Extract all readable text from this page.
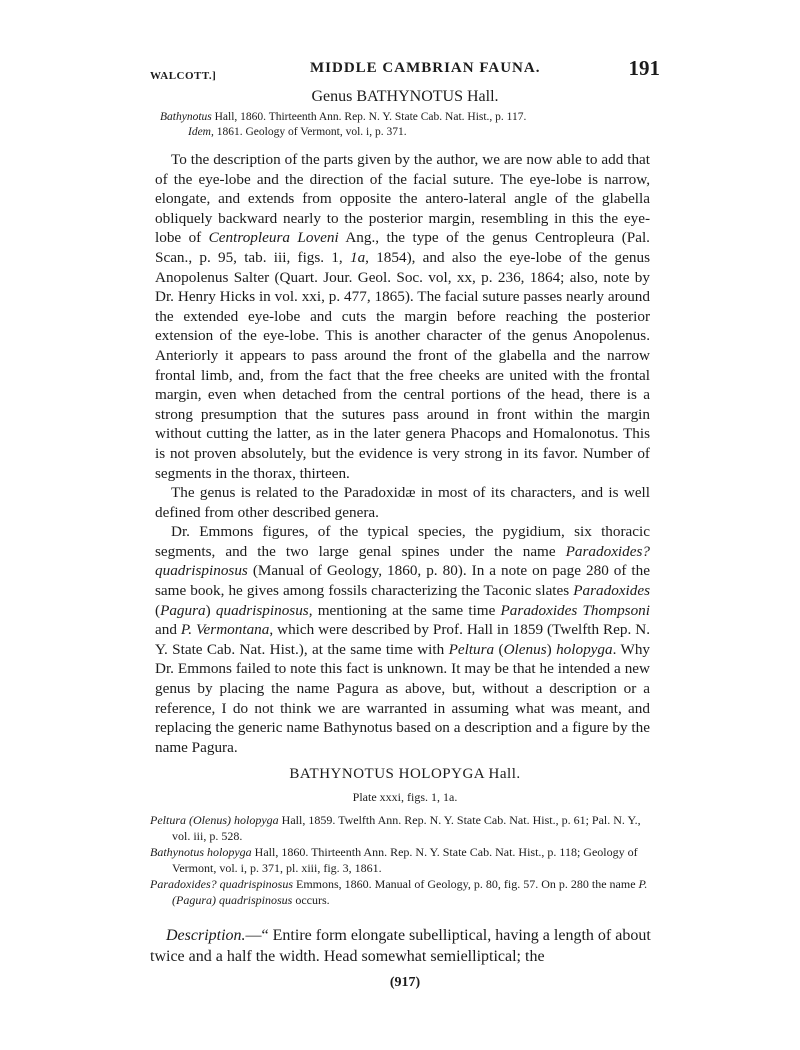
WALCOTT.]	MIDDLE CAMBRIAN FAUNA.	191
Genus BATHYNOTUS Hall.
Bathynotus Hall, 1860. Thirteenth Ann. Rep. N. Y. State Cab. Nat. Hist., p. 117.
Idem, 1861. Geology of Vermont, vol. i, p. 371.

To the description of the parts given by the author, we are now able to add that of the eye-lobe and the direction of the facial suture. The eye-lobe is narrow, elongate, and extends from opposite the antero-lateral angle of the glabella obliquely backward nearly to the posterior margin, resembling in this the eye-lobe of Centropleura Loveni Ang., the type of the genus Centropleura (Pal. Scan., p. 95, tab. iii, figs. 1, 1a, 1854), and also the eye-lobe of the genus Anopolenus Salter (Quart. Jour. Geol. Soc. vol, xx, p. 236, 1864; also, note by Dr. Henry Hicks in vol. xxi, p. 477, 1865). The facial suture passes nearly around the extended eye-lobe and cuts the margin before reaching the posterior extension of the eye-lobe. This is another character of the genus Anopolenus. Anteriorly it appears to pass around the front of the glabella and the narrow frontal limb, and, from the fact that the free cheeks are united with the frontal margin, even when detached from the central portions of the head, there is a strong presumption that the sutures pass around in front within the margin without cutting the latter, as in the later genera Phacops and Homalonotus. This is not proven absolutely, but the evidence is very strong in its favor. Number of segments in the thorax, thirteen.

The genus is related to the Paradoxidæ in most of its characters, and is well defined from other described genera.

Dr. Emmons figures, of the typical species, the pygidium, six thoracic segments, and the two large genal spines under the name Paradoxides? quadrispinosus (Manual of Geology, 1860, p. 80). In a note on page 280 of the same book, he gives among fossils characterizing the Taconic slates Paradoxides (Pagura) quadrispinosus, mentioning at the same time Paradoxides Thompsoni and P. Vermontana, which were described by Prof. Hall in 1859 (Twelfth Rep. N. Y. State Cab. Nat. Hist.), at the same time with Peltura (Olenus) holopyga. Why Dr. Emmons failed to note this fact is unknown. It may be that he intended a new genus by placing the name Pagura as above, but, without a description or a reference, I do not think we are warranted in assuming what was meant, and replacing the generic name Bathynotus based on a description and a figure by the name Pagura.

BATHYNOTUS HOLOPYGA Hall.
Plate xxxi, figs. 1, 1a.
Peltura (Olenus) holopyga Hall, 1859. Twelfth Ann. Rep. N. Y. State Cab. Nat. Hist., p. 61; Pal. N. Y., vol. iii, p. 528.
Bathynotus holopyga Hall, 1860. Thirteenth Ann. Rep. N. Y. State Cab. Nat. Hist., p. 118; Geology of Vermont, vol. i, p. 371, pl. xiii, fig. 3, 1861.
Paradoxides? quadrispinosus Emmons, 1860. Manual of Geology, p. 80, fig. 57. On p. 280 the name P. (Pagura) quadrispinosus occurs.
Description.—“ Entire form elongate subelliptical, having a length of about twice and a half the width. Head somewhat semielliptical; the
(917)
